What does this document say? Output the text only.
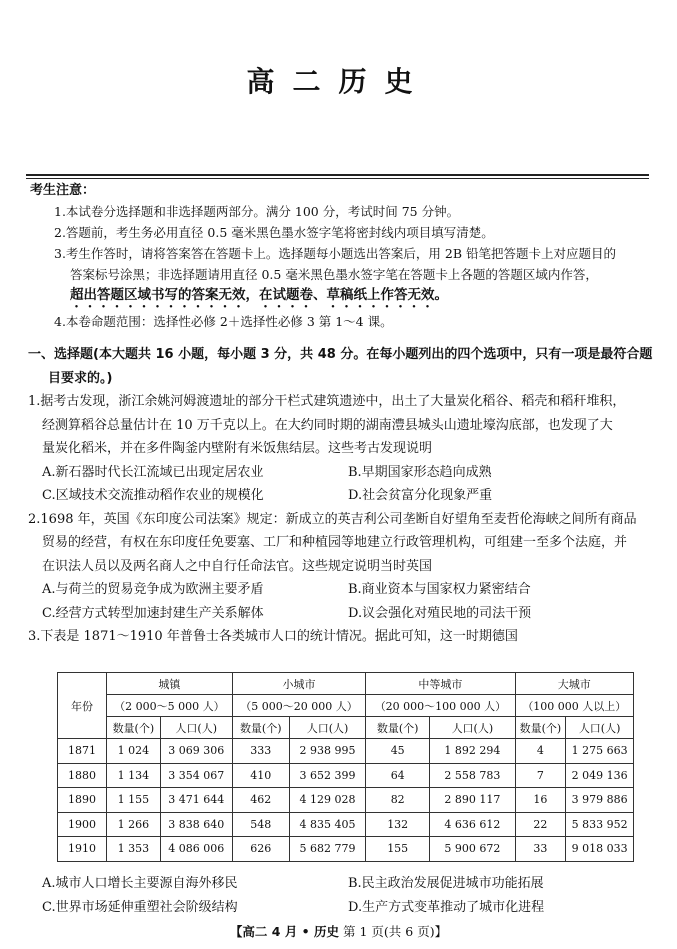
高二历史
考生注意：
1.本试卷分选择题和非选择题两部分。满分 100 分，考试时间 75 分钟。
2.答题前，考生务必用直径 0.5 毫米黑色墨水签字笔将密封线内项目填写清楚。
3.考生作答时，请将答案答在答题卡上。选择题每小题选出答案后，用 2B 铅笔把答题卡上对应题目的
答案标号涂黑；非选择题请用直径 0.5 毫米黑色墨水签字笔在答题卡上各题的答题区域内作答，
超出答题区域书写的答案无效，在试题卷、草稿纸上作答无效。
4.本卷命题范围：选择性必修 2＋选择性必修 3 第 1～4 课。
一、选择题(本大题共 16 小题，每小题 3 分，共 48 分。在每小题列出的四个选项中，只有一项是最符合题
目要求的。)
1.据考古发现，浙江余姚河姆渡遗址的部分干栏式建筑遗迹中，出土了大量炭化稻谷、稻壳和稻秆堆积，
经测算稻谷总量估计在 10 万千克以上。在大约同时期的湖南澧县城头山遗址壕沟底部，也发现了大
量炭化稻米，并在多件陶釜内壁附有米饭焦结层。这些考古发现说明
A.新石器时代长江流域已出现定居农业	B.早期国家形态趋向成熟
C.区域技术交流推动稻作农业的规模化	D.社会贫富分化现象严重
2.1698 年，英国《东印度公司法案》规定：新成立的英吉利公司垄断自好望角至麦哲伦海峡之间所有商品
贸易的经营，有权在东印度任免要塞、工厂和种植园等地建立行政管理机构，可组建一至多个法庭，并
在识法人员以及两名商人之中自行任命法官。这些规定说明当时英国
A.与荷兰的贸易竞争成为欧洲主要矛盾	B.商业资本与国家权力紧密结合
C.经营方式转型加速封建生产关系解体	D.议会强化对殖民地的司法干预
3.下表是 1871～1910 年普鲁士各类城市人口的统计情况。据此可知，这一时期德国
年份	城镇		小城市		中等城市		大城市	
	（2 000～5 000 人）		（5 000～20 000 人）		（20 000～100 000 人）		（100 000 人以上）	
	数量(个)	人口(人)	数量(个)	人口(人)	数量(个)	人口(人)	数量(个)	人口(人)
1871	1 024	3 069 306	333	2 938 995	45	1 892 294	4	1 275 663
1880	1 134	3 354 067	410	3 652 399	64	2 558 783	7	2 049 136
1890	1 155	3 471 644	462	4 129 028	82	2 890 117	16	3 979 886
1900	1 266	3 838 640	548	4 835 405	132	4 636 612	22	5 833 952
1910	1 353	4 086 006	626	5 682 779	155	5 900 672	33	9 018 033
A.城市人口增长主要源自海外移民	B.民主政治发展促进城市功能拓展
C.世界市场延伸重塑社会阶级结构	D.生产方式变革推动了城市化进程
【高二 4 月 • 历史 第 1 页(共 6 页)】
